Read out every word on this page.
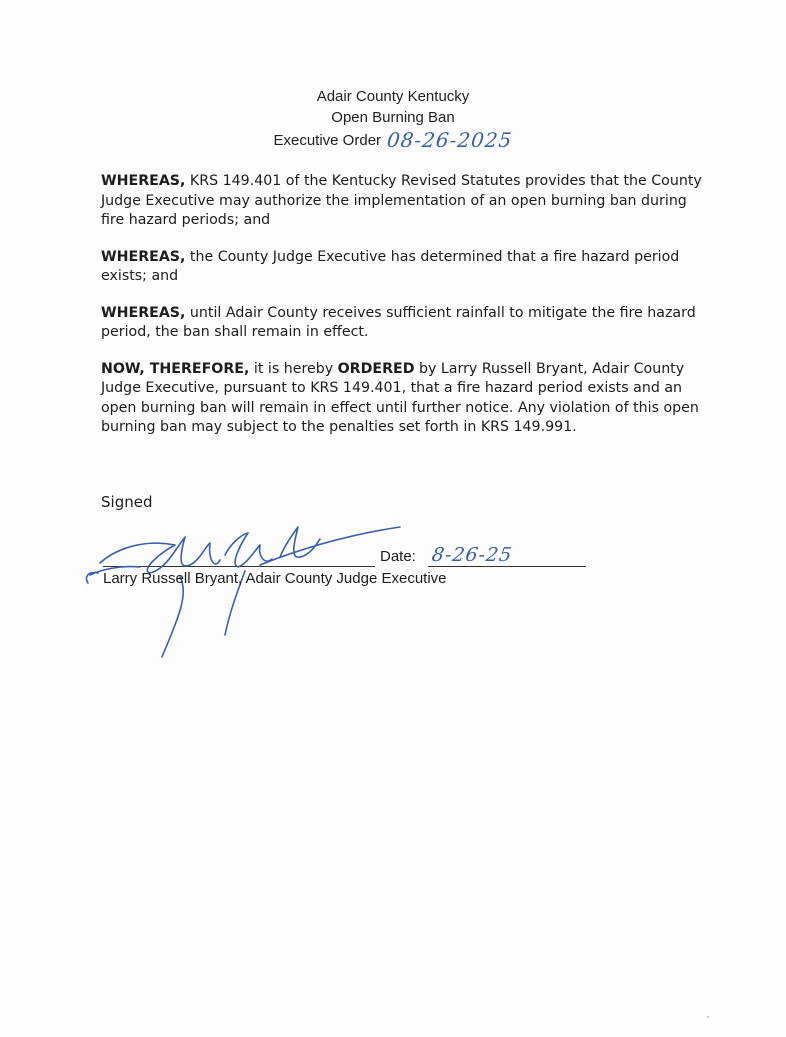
Adair County Kentucky
Open Burning Ban
Executive Order 08-26-2025

WHEREAS, KRS 149.401 of the Kentucky Revised Statutes provides that the County Judge Executive may authorize the implementation of an open burning ban during fire hazard periods; and

WHEREAS, the County Judge Executive has determined that a fire hazard period exists; and

WHEREAS, until Adair County receives sufficient rainfall to mitigate the fire hazard period, the ban shall remain in effect.

NOW, THEREFORE, it is hereby ORDERED by Larry Russell Bryant, Adair County Judge Executive, pursuant to KRS 149.401, that a fire hazard period exists and an open burning ban will remain in effect until further notice. Any violation of this open burning ban may subject to the penalties set forth in KRS 149.991.

Signed
Date: 8-26-25
Larry Russell Bryant, Adair County Judge Executive
